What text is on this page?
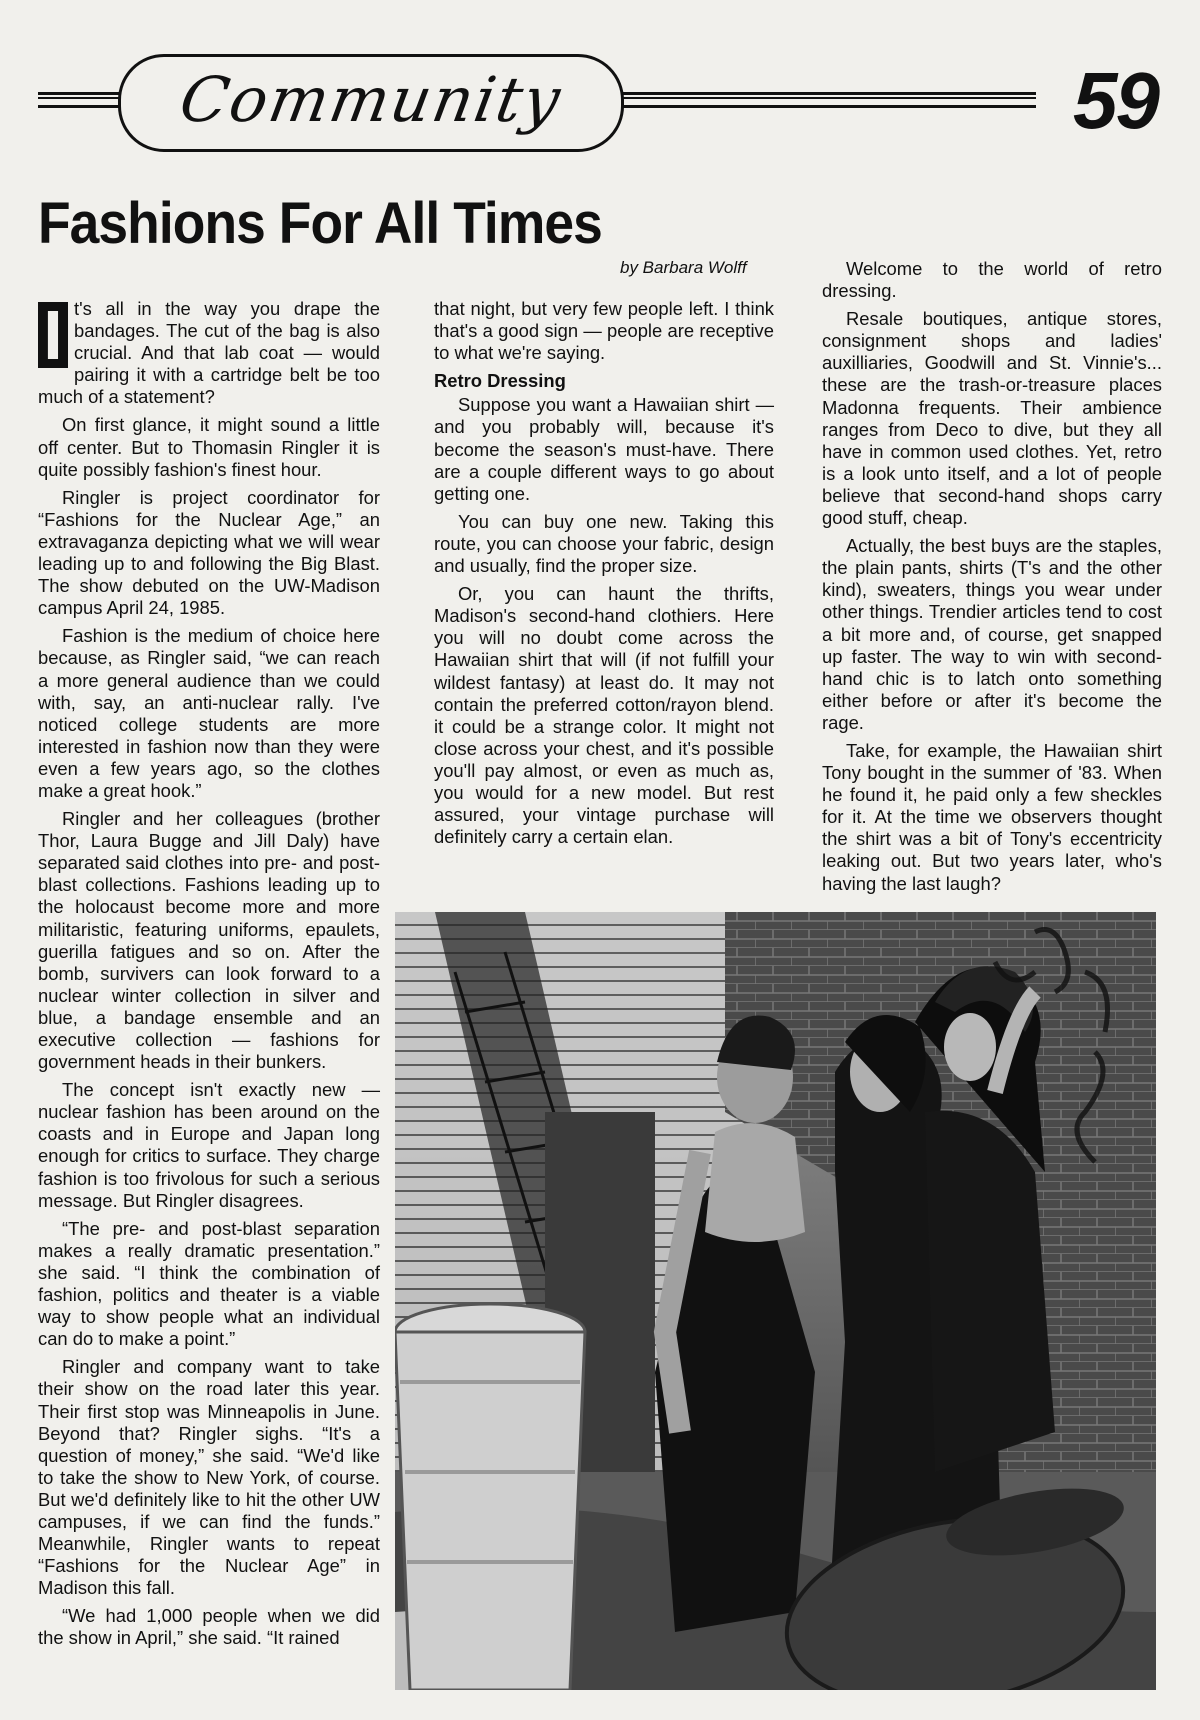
Community	59
Fashions For All Times
by Barbara Wolff

I t's all in the way you drape the bandages. The cut of the bag is also crucial. And that lab coat — would pairing it with a cartridge belt be too much of a statement?

On first glance, it might sound a little off center. But to Thomasin Ringler it is quite possibly fashion's finest hour.

Ringler is project coordinator for “Fashions for the Nuclear Age,” an extravaganza depicting what we will wear leading up to and following the Big Blast. The show debuted on the UW-Madison campus April 24, 1985.

Fashion is the medium of choice here because, as Ringler said, “we can reach a more general audience than we could with, say, an anti-nuclear rally. I've noticed college students are more interested in fashion now than they were even a few years ago, so the clothes make a great hook.”

Ringler and her colleagues (brother Thor, Laura Bugge and Jill Daly) have separated said clothes into pre- and post-blast collections. Fashions leading up to the holocaust become more and more militaristic, featuring uniforms, epaulets, guerilla fatigues and so on. After the bomb, survivers can look forward to a nuclear winter collection in silver and blue, a bandage ensemble and an executive collection — fashions for government heads in their bunkers.

The concept isn't exactly new — nuclear fashion has been around on the coasts and in Europe and Japan long enough for critics to surface. They charge fashion is too frivolous for such a serious message. But Ringler disagrees.

“The pre- and post-blast separation makes a really dramatic presentation.” she said. “I think the combination of fashion, politics and theater is a viable way to show people what an individual can do to make a point.”

Ringler and company want to take their show on the road later this year. Their first stop was Minneapolis in June. Beyond that? Ringler sighs. “It's a question of money,” she said. “We'd like to take the show to New York, of course. But we'd definitely like to hit the other UW campuses, if we can find the funds.” Meanwhile, Ringler wants to repeat “Fashions for the Nuclear Age” in Madison this fall.

“We had 1,000 people when we did the show in April,” she said. “It rained

that night, but very few people left. I think that's a good sign — people are receptive to what we're saying.

Retro Dressing

Suppose you want a Hawaiian shirt — and you probably will, because it's become the season's must-have. There are a couple different ways to go about getting one.

You can buy one new. Taking this route, you can choose your fabric, design and usually, find the proper size.

Or, you can haunt the thrifts, Madison's second-hand clothiers. Here you will no doubt come across the Hawaiian shirt that will (if not fulfill your wildest fantasy) at least do. It may not contain the preferred cotton/rayon blend. it could be a strange color. It might not close across your chest, and it's possible you'll pay almost, or even as much as, you would for a new model. But rest assured, your vintage purchase will definitely carry a certain elan.

Welcome to the world of retro dressing.

Resale boutiques, antique stores, consignment shops and ladies' auxilliaries, Goodwill and St. Vinnie's... these are the trash-or-treasure places Madonna frequents. Their ambience ranges from Deco to dive, but they all have in common used clothes. Yet, retro is a look unto itself, and a lot of people believe that second-hand shops carry good stuff, cheap.

Actually, the best buys are the staples, the plain pants, shirts (T's and the other kind), sweaters, things you wear under other things. Trendier articles tend to cost a bit more and, of course, get snapped up faster. The way to win with second-hand chic is to latch onto something either before or after it's become the rage.

Take, for example, the Hawaiian shirt Tony bought in the summer of '83. When he found it, he paid only a few sheckles for it. At the time we observers thought the shirt was a bit of Tony's eccentricity leaking out. But two years later, who's having the last laugh?
